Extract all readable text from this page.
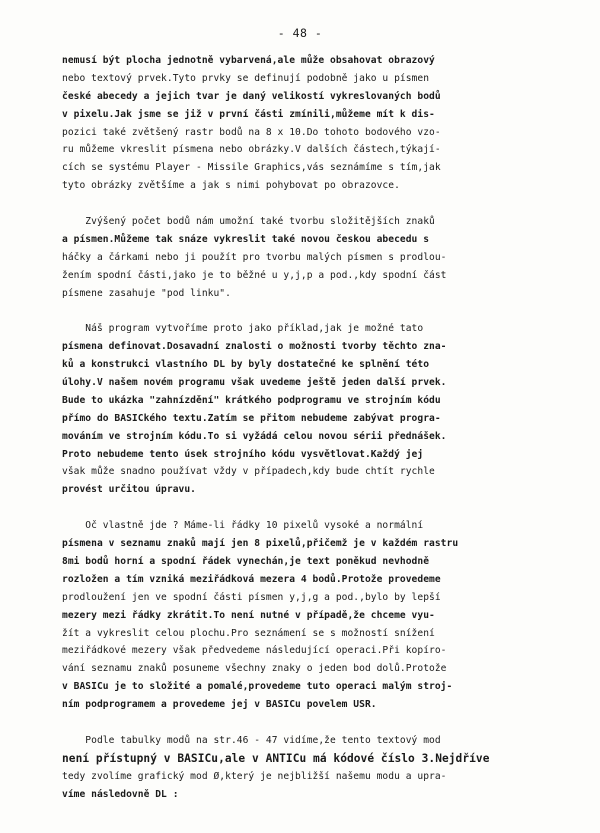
- 48 -
nemusí být plocha jednotně vybarvená,ale může obsahovat obrazový
nebo textový prvek.Tyto prvky se definují podobně jako u písmen
české abecedy a jejich tvar je daný velikostí vykreslovaných bodů
v pixelu.Jak jsme se již v první části zmínili,můžeme mít k dis-
pozici také zvětšený rastr bodů na 8 x 10.Do tohoto bodového vzo-
ru můžeme vkreslit písmena nebo obrázky.V dalších částech,týkají-
cích se systému Player - Missile Graphics,vás seznámíme s tím,jak
tyto obrázky zvětšíme a jak s nimi pohybovat po obrazovce.
Zvýšený počet bodů nám umožní také tvorbu složitějších znaků
a písmen.Můžeme tak snáze vykreslit také novou českou abecedu s
háčky a čárkami nebo ji použít pro tvorbu malých písmen s prodlou-
žením spodní části,jako je to běžné u y,j,p a pod.,kdy spodní část
písmene zasahuje "pod linku".
Náš program vytvoříme proto jako příklad,jak je možné tato
písmena definovat.Dosavadní znalosti o možnosti tvorby těchto zna-
ků a konstrukci vlastního DL by byly dostatečné ke splnění této
úlohy.V našem novém programu však uvedeme ještě jeden další prvek.
Bude to ukázka "zahnízdění" krátkého podprogramu ve strojním kódu
přímo do BASICkého textu.Zatím se přitom nebudeme zabývat progra-
mováním ve strojním kódu.To si vyžádá celou novou sérii přednášek.
Proto nebudeme tento úsek strojního kódu vysvětlovat.Každý jej
však může snadno používat vždy v případech,kdy bude chtít rychle
provést určitou úpravu.
Oč vlastně jde ? Máme-li řádky 10 pixelů vysoké a normální
písmena v seznamu znaků mají jen 8 pixelů,přičemž je v každém rastru
8mi bodů horní a spodní řádek vynechán,je text poněkud nevhodně
rozložen a tím vzniká meziřádková mezera 4 bodů.Protože provedeme
prodloužení jen ve spodní části písmen y,j,g a pod.,bylo by lepší
mezery mezi řádky zkrátit.To není nutné v případě,že chceme vyu-
žít a vykreslit celou plochu.Pro seznámení se s možností snížení
meziřádkové mezery však předvedeme následující operaci.Při kopíro-
vání seznamu znaků posuneme všechny znaky o jeden bod dolů.Protože
v BASICu je to složité a pomalé,provedeme tuto operaci malým stroj-
ním podprogramem a provedeme jej v BASICu povelem USR.
Podle tabulky modů na str.46 - 47 vidíme,že tento textový mod
není přístupný v BASICu,ale v ANTICu má kódové číslo 3.Nejdříve
tedy zvolíme grafický mod Ø,který je nejbližší našemu modu a upra-
víme následovně DL :
